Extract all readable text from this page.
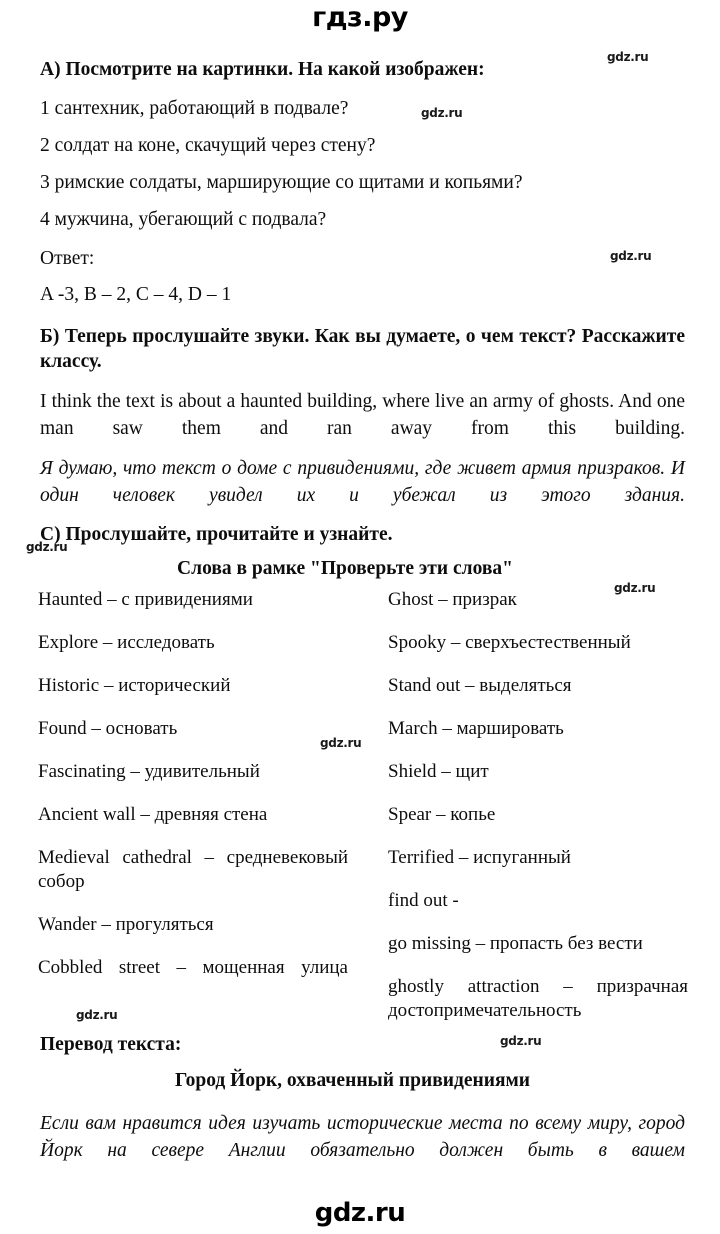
гдз.ру
А) Посмотрите на картинки. На какой изображен:
1 сантехник, работающий в подвале?
2 солдат на коне, скачущий через стену?
3 римские солдаты, марширующие со щитами и копьями?
4 мужчина, убегающий с подвала?
Ответ:
A -3, B – 2, C – 4, D – 1
Б) Теперь прослушайте звуки. Как вы думаете, о чем текст? Расскажите классу.
I think the text is about a haunted building, where live an army of ghosts. And one man saw them and ran away from this building.
Я думаю, что текст о доме с привидениями, где живет армия призраков. И один человек увидел их и убежал из этого здания.
C) Прослушайте, прочитайте и узнайте.
Слова в рамке "Проверьте эти слова"
Haunted – с привидениями
Explore – исследовать
Historic – исторический
Found – основать
Fascinating – удивительный
Ancient wall – древняя стена
Medieval cathedral – средневековый собор
Wander – прогуляться
Cobbled street – мощенная улица
Ghost – призрак
Spooky – сверхъестественный
Stand out – выделяться
March – маршировать
Shield – щит
Spear – копье
Terrified – испуганный
find out -
go missing – пропасть без вести
ghostly attraction – призрачная достопримечательность
Перевод текста:
Город Йорк, охваченный привидениями
Если вам нравится идея изучать исторические места по всему миру, город Йорк на севере Англии обязательно должен быть в вашем
gdz.ru
gdz.ru
gdz.ru
gdz.ru
gdz.ru
gdz.ru
gdz.ru
gdz.ru
gdz.ru
